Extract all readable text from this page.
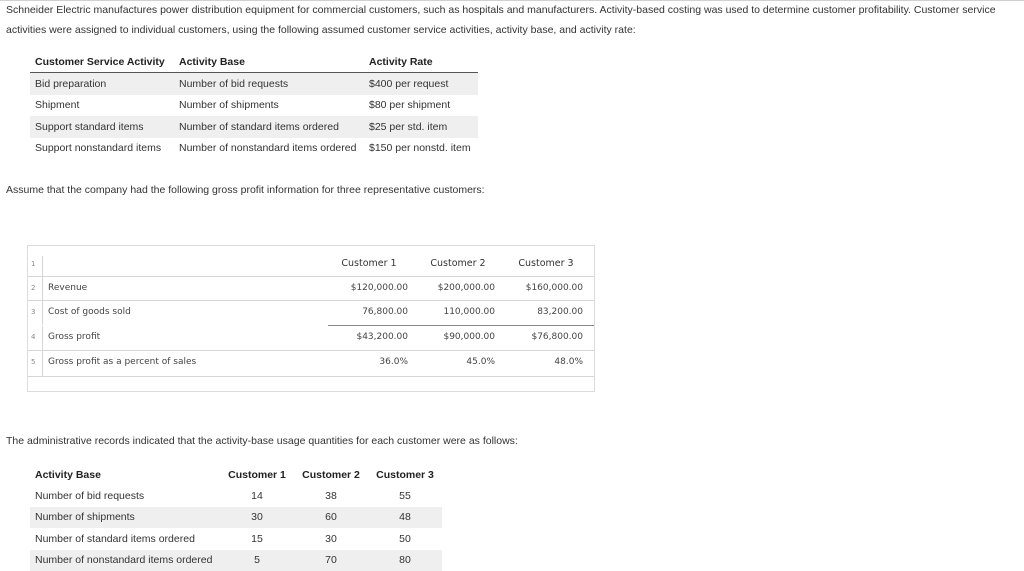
Schneider Electric manufactures power distribution equipment for commercial customers, such as hospitals and manufacturers. Activity-based costing was used to determine customer profitability. Customer service activities were assigned to individual customers, using the following assumed customer service activities, activity base, and activity rate:
Customer Service Activity	Activity Base	Activity Rate
Bid preparation	Number of bid requests	$400 per request
Shipment	Number of shipments	$80 per shipment
Support standard items	Number of standard items ordered	$25 per std. item
Support nonstandard items	Number of nonstandard items ordered	$150 per nonstd. item
Assume that the company had the following gross profit information for three representative customers:
1	Customer 1	Customer 2	Customer 3
2 Revenue	$120,000.00	$200,000.00	$160,000.00
3 Cost of goods sold	76,800.00	110,000.00	83,200.00
4 Gross profit	$43,200.00	$90,000.00	$76,800.00
5 Gross profit as a percent of sales	36.0%	45.0%	48.0%
The administrative records indicated that the activity-base usage quantities for each customer were as follows:
Activity Base	Customer 1	Customer 2	Customer 3
Number of bid requests	14	38	55
Number of shipments	30	60	48
Number of standard items ordered	15	30	50
Number of nonstandard items ordered	5	70	80
